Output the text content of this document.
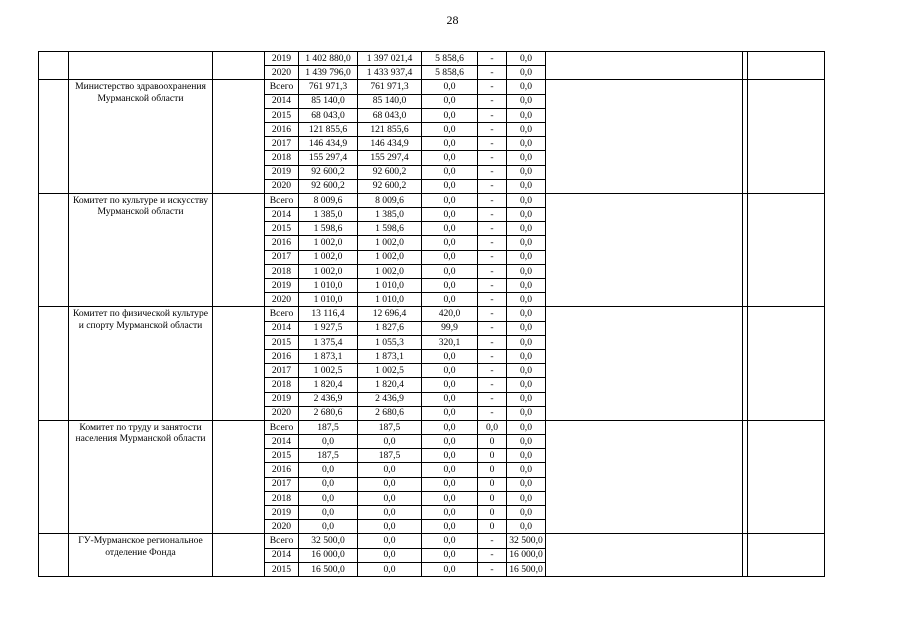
28
			2019	1 402 880,0	1 397 021,4	5 858,6	-	0,0			
			2020	1 439 796,0	1 433 937,4	5 858,6	-	0,0			
	Министерство здравоохранения Мурманской области		Всего	761 971,3	761 971,3	0,0	-	0,0			
			2014	85 140,0	85 140,0	0,0	-	0,0			
			2015	68 043,0	68 043,0	0,0	-	0,0			
			2016	121 855,6	121 855,6	0,0	-	0,0			
			2017	146 434,9	146 434,9	0,0	-	0,0			
			2018	155 297,4	155 297,4	0,0	-	0,0			
			2019	92 600,2	92 600,2	0,0	-	0,0			
			2020	92 600,2	92 600,2	0,0	-	0,0			
	Комитет по культуре и искусству Мурманской области		Всего	8 009,6	8 009,6	0,0	-	0,0			
			2014	1 385,0	1 385,0	0,0	-	0,0			
			2015	1 598,6	1 598,6	0,0	-	0,0			
			2016	1 002,0	1 002,0	0,0	-	0,0			
			2017	1 002,0	1 002,0	0,0	-	0,0			
			2018	1 002,0	1 002,0	0,0	-	0,0			
			2019	1 010,0	1 010,0	0,0	-	0,0			
			2020	1 010,0	1 010,0	0,0	-	0,0			
	Комитет по физической культуре и спорту Мурманской области		Всего	13 116,4	12 696,4	420,0	-	0,0			
			2014	1 927,5	1 827,6	99,9	-	0,0			
			2015	1 375,4	1 055,3	320,1	-	0,0			
			2016	1 873,1	1 873,1	0,0	-	0,0			
			2017	1 002,5	1 002,5	0,0	-	0,0			
			2018	1 820,4	1 820,4	0,0	-	0,0			
			2019	2 436,9	2 436,9	0,0	-	0,0			
			2020	2 680,6	2 680,6	0,0	-	0,0			
	Комитет по труду и занятости населения Мурманской области		Всего	187,5	187,5	0,0	0,0	0,0			
			2014	0,0	0,0	0,0	0	0,0			
			2015	187,5	187,5	0,0	0	0,0			
			2016	0,0	0,0	0,0	0	0,0			
			2017	0,0	0,0	0,0	0	0,0			
			2018	0,0	0,0	0,0	0	0,0			
			2019	0,0	0,0	0,0	0	0,0			
			2020	0,0	0,0	0,0	0	0,0			
	ГУ-Мурманское региональное отделение Фонда		Всего	32 500,0	0,0	0,0	-	32 500,0			
			2014	16 000,0	0,0	0,0	-	16 000,0			
			2015	16 500,0	0,0	0,0	-	16 500,0			
